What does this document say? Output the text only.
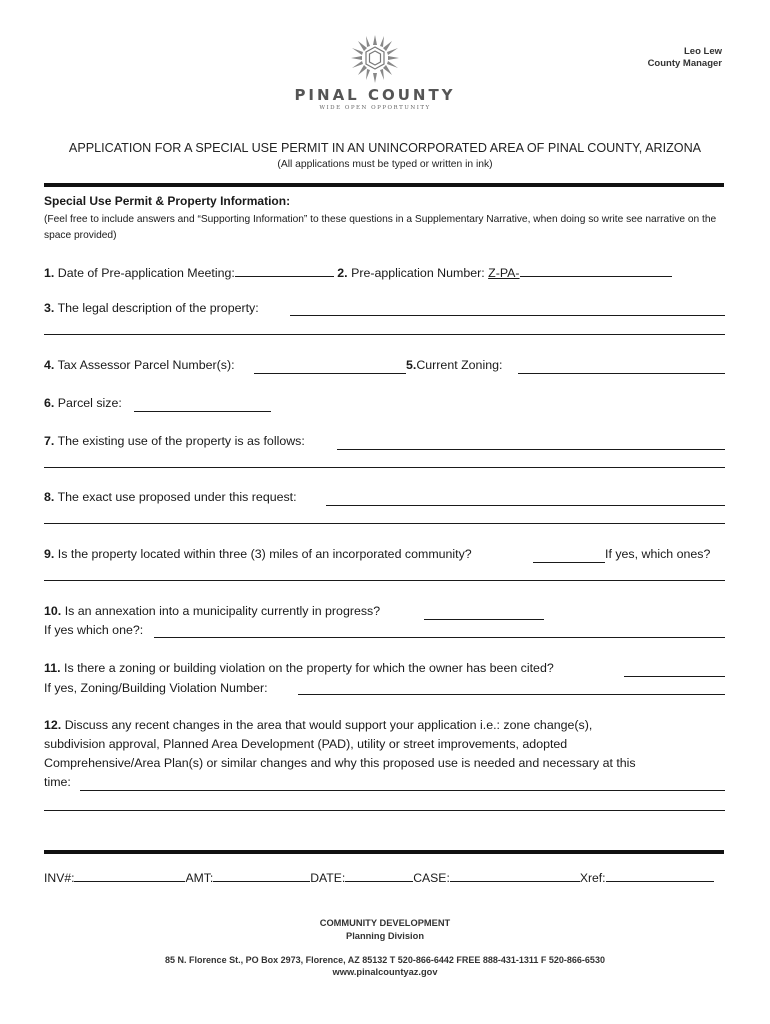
PINAL COUNTY
WIDE OPEN OPPORTUNITY
Leo Lew
County Manager
APPLICATION FOR A SPECIAL USE PERMIT IN AN UNINCORPORATED AREA OF PINAL COUNTY, ARIZONA
(All applications must be typed or written in ink)
Special Use Permit & Property Information:
(Feel free to include answers and “Supporting Information” to these questions in a Supplementary Narrative, when doing so write see narrative on the space provided)
1. Date of Pre-application Meeting:	2. Pre-application Number: Z-PA-
3. The legal description of the property:
4. Tax Assessor Parcel Number(s):	5.Current Zoning:
6. Parcel size:
7. The existing use of the property is as follows:
8. The exact use proposed under this request:
9. Is the property located within three (3) miles of an incorporated community?	If yes, which ones?
10. Is an annexation into a municipality currently in progress?
If yes which one?:
11. Is there a zoning or building violation on the property for which the owner has been cited?
If yes, Zoning/Building Violation Number:
12. Discuss any recent changes in the area that would support your application i.e.: zone change(s),
subdivision approval, Planned Area Development (PAD), utility or street improvements, adopted
Comprehensive/Area Plan(s) or similar changes and why this proposed use is needed and necessary at this
time:
INV#:	AMT:	DATE:	CASE:	Xref:
COMMUNITY DEVELOPMENT
Planning Division
85 N. Florence St., PO Box 2973, Florence, AZ 85132 T 520-866-6442 FREE 888-431-1311 F 520-866-6530
www.pinalcountyaz.gov
